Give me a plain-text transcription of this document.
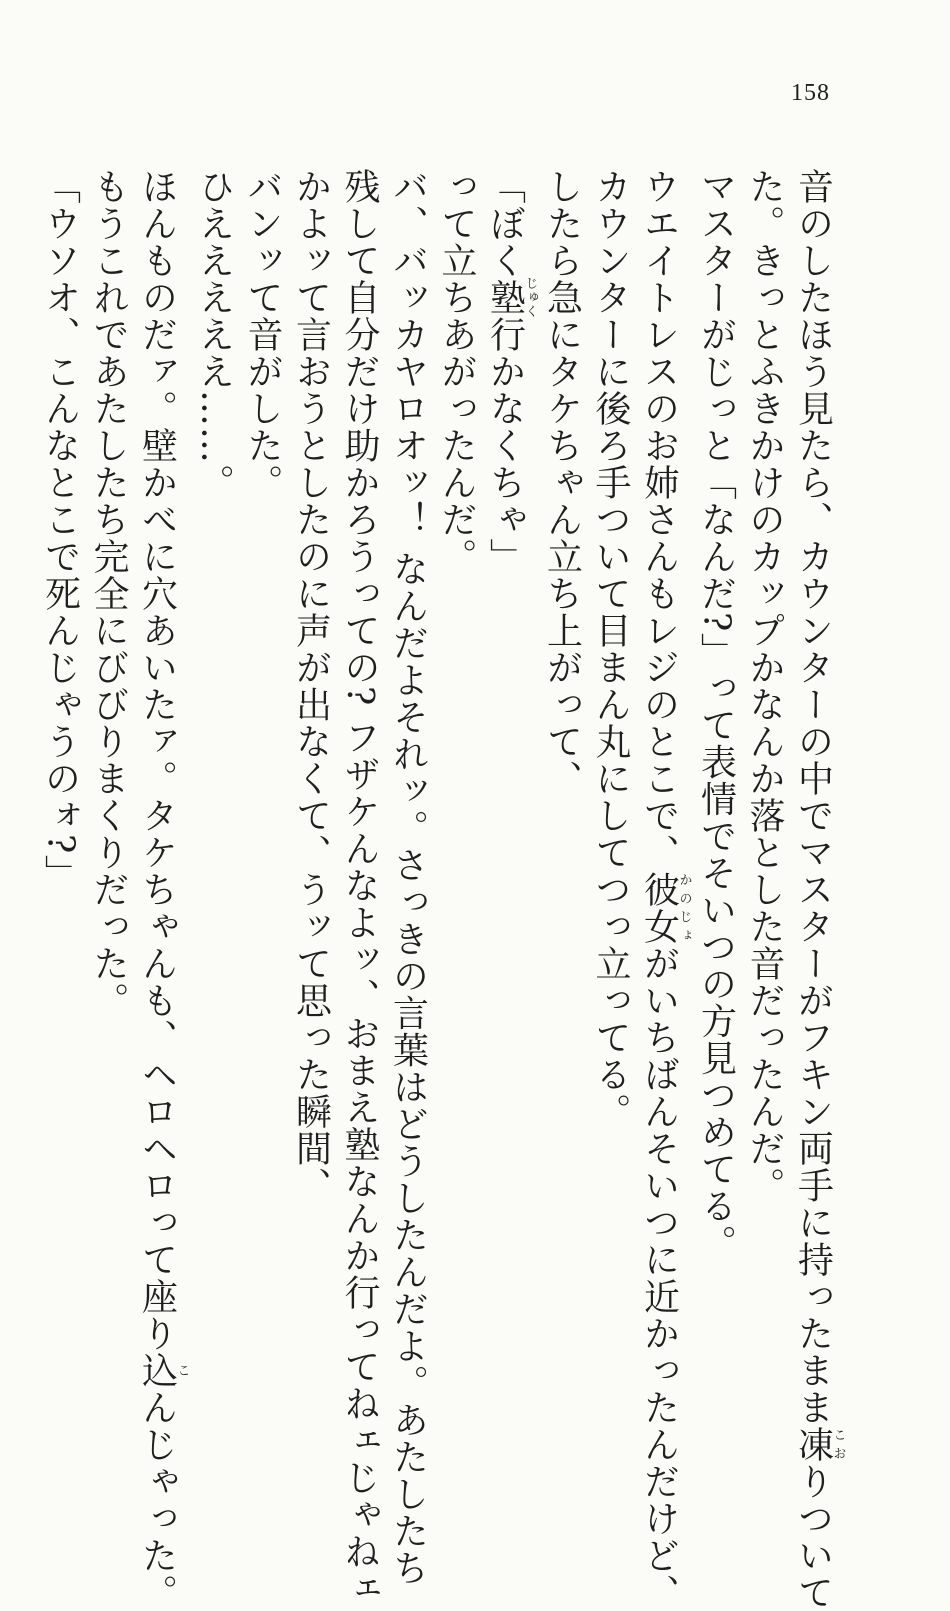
158
音のしたほう見たら、カウンターの中でマスターがフキン両手に持ったまま凍こおりついて
た。きっとふきかけのカップかなんか落とした音だったんだ。
マスターがじっと「なんだ?」って表情でそいつの方見つめてる。
ウエイトレスのお姉さんもレジのとこで、彼女かのじょがいちばんそいつに近かったんだけど、
カウンターに後ろ手ついて目まん丸にしてつっ立ってる。
したら急にタケちゃん立ち上がって、
「ぼく塾じゅく行かなくちゃ」
って立ちあがったんだ。
バ、バッカヤロオッ！ なんだよそれッ。さっきの言葉はどうしたんだよ。あたしたち
残して自分だけ助かろうっての? フザケんなよッ、おまえ塾なんか行ってねェじゃねェ
かよッて言おうとしたのに声が出なくて、うッて思った瞬間、
バンッて音がした。
ひえええええ……。
ほんものだァ。壁かべに穴あいたァ。タケちゃんも、ヘロヘロって座り込こんじゃった。
もうこれであたしたち完全にびびりまくりだった。
「ウソオ、こんなとこで死んじゃうのォ?」
